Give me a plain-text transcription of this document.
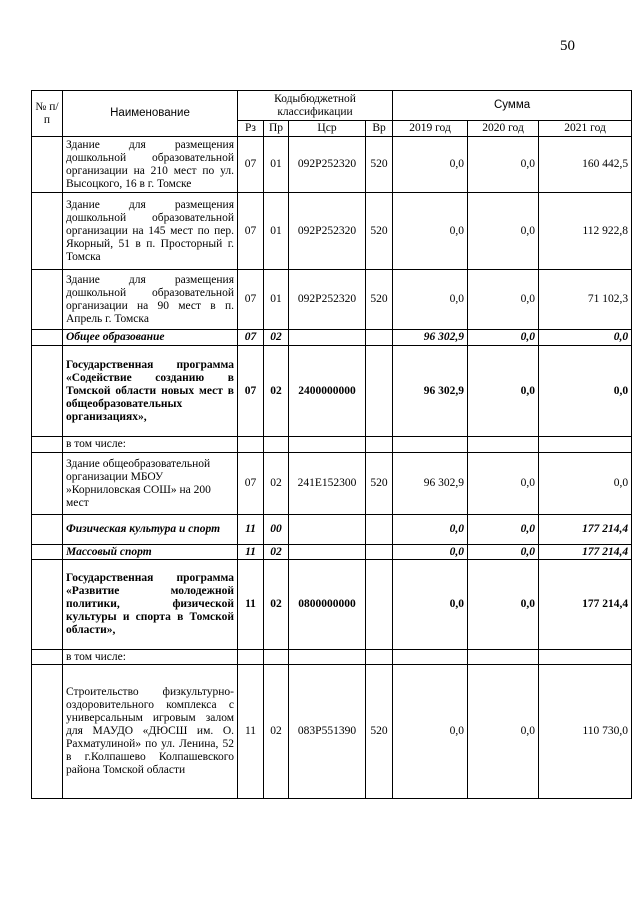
50
№ п/п	Наименование	Кодыбюджетной классификации				Сумма		
		Рз	Пр	Цср	Вр	2019 год	2020 год	2021 год
	Здание для размещения дошкольной образовательной организации на 210 мест по ул. Высоцкого, 16 в г. Томске	07	01	092P252320	520	0,0	0,0	160 442,5
	Здание для размещения дошкольной образовательной организации на 145 мест по пер. Якорный, 51 в п. Просторный г. Томска	07	01	092P252320	520	0,0	0,0	112 922,8
	Здание для размещения дошкольной образовательной организации на 90 мест в п. Апрель г. Томска	07	01	092P252320	520	0,0	0,0	71 102,3
	Общее образование	07	02			96 302,9	0,0	0,0
	Государственная программа «Содействие созданию в Томской области новых мест в общеобразовательных организациях»,	07	02	2400000000		96 302,9	0,0	0,0
	в том числе:							
	Здание общеобразовательной организации МБОУ »Корниловская СОШ» на 200 мест	07	02	241E152300	520	96 302,9	0,0	0,0
	Физическая культура и спорт	11	00			0,0	0,0	177 214,4
	Массовый спорт	11	02			0,0	0,0	177 214,4
	Государственная программа «Развитие молодежной политики, физической культуры и спорта в Томской области»,	11	02	0800000000		0,0	0,0	177 214,4
	в том числе:							
	Строительство физкультурно-оздоровительного комплекса с универсальным игровым залом для МАУДО «ДЮСШ им. О. Рахматулиной» по ул. Ленина, 52 в г.Колпашево Колпашевского района Томской области	11	02	083P551390	520	0,0	0,0	110 730,0
